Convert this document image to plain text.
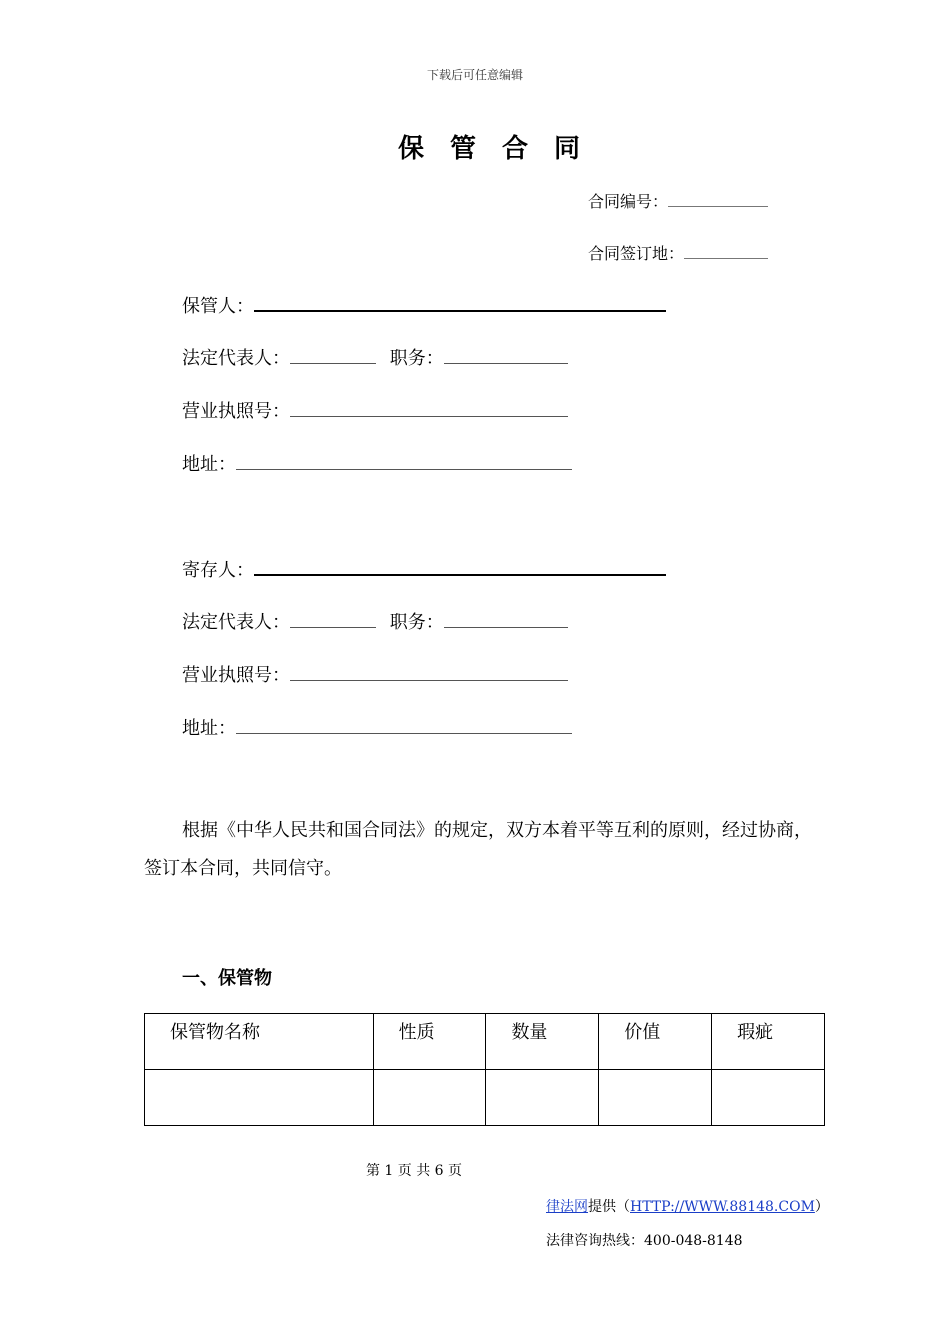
下载后可任意编辑
保管合同
合同编号：
合同签订地：
保管人：
法定代表人：	职务：
营业执照号：
地址：
寄存人：
法定代表人：	职务：
营业执照号：
地址：
根据《中华人民共和国合同法》的规定，双方本着平等互利的原则，经过协商，签订本合同，共同信守。
一、保管物
保管物名称	性质	数量	价值	瑕疵

第 1 页 共 6 页
律法网提供（HTTP://WWW.88148.COM）
法律咨询热线：400-048-8148
